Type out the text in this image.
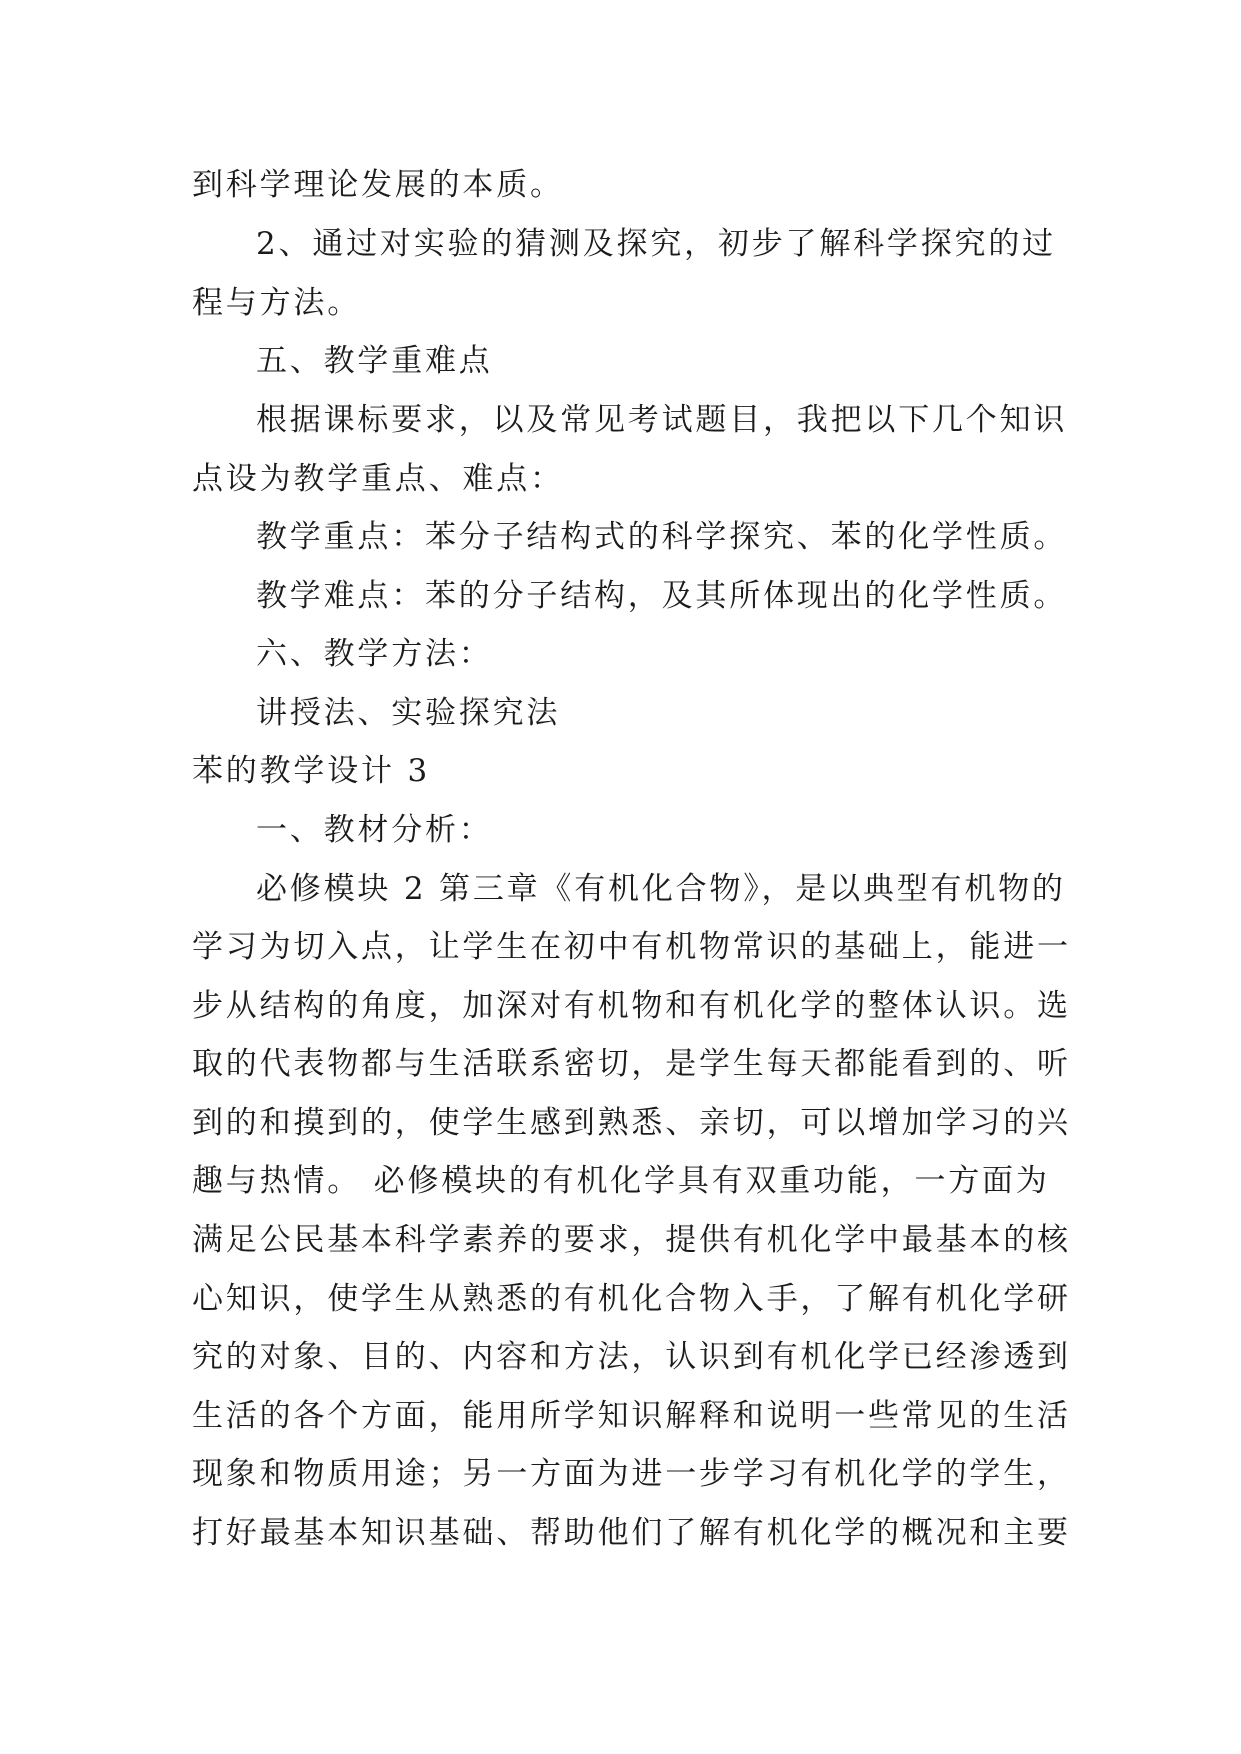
到科学理论发展的本质。

2、通过对实验的猜测及探究，初步了解科学探究的过

程与方法。

五、教学重难点

根据课标要求，以及常见考试题目，我把以下几个知识

点设为教学重点、难点：

教学重点：苯分子结构式的科学探究、苯的化学性质。

教学难点：苯的分子结构，及其所体现出的化学性质。

六、教学方法：

讲授法、实验探究法

苯的教学设计 3

一、教材分析：

必修模块 2 第三章《有机化合物》，是以典型有机物的

学习为切入点，让学生在初中有机物常识的基础上，能进一

步从结构的角度，加深对有机物和有机化学的整体认识。选

取的代表物都与生活联系密切，是学生每天都能看到的、听

到的和摸到的，使学生感到熟悉、亲切，可以增加学习的兴

趣与热情。 必修模块的有机化学具有双重功能，一方面为

满足公民基本科学素养的要求，提供有机化学中最基本的核

心知识，使学生从熟悉的有机化合物入手，了解有机化学研

究的对象、目的、内容和方法，认识到有机化学已经渗透到

生活的各个方面，能用所学知识解释和说明一些常见的生活

现象和物质用途；另一方面为进一步学习有机化学的学生，

打好最基本知识基础、帮助他们了解有机化学的概况和主要
